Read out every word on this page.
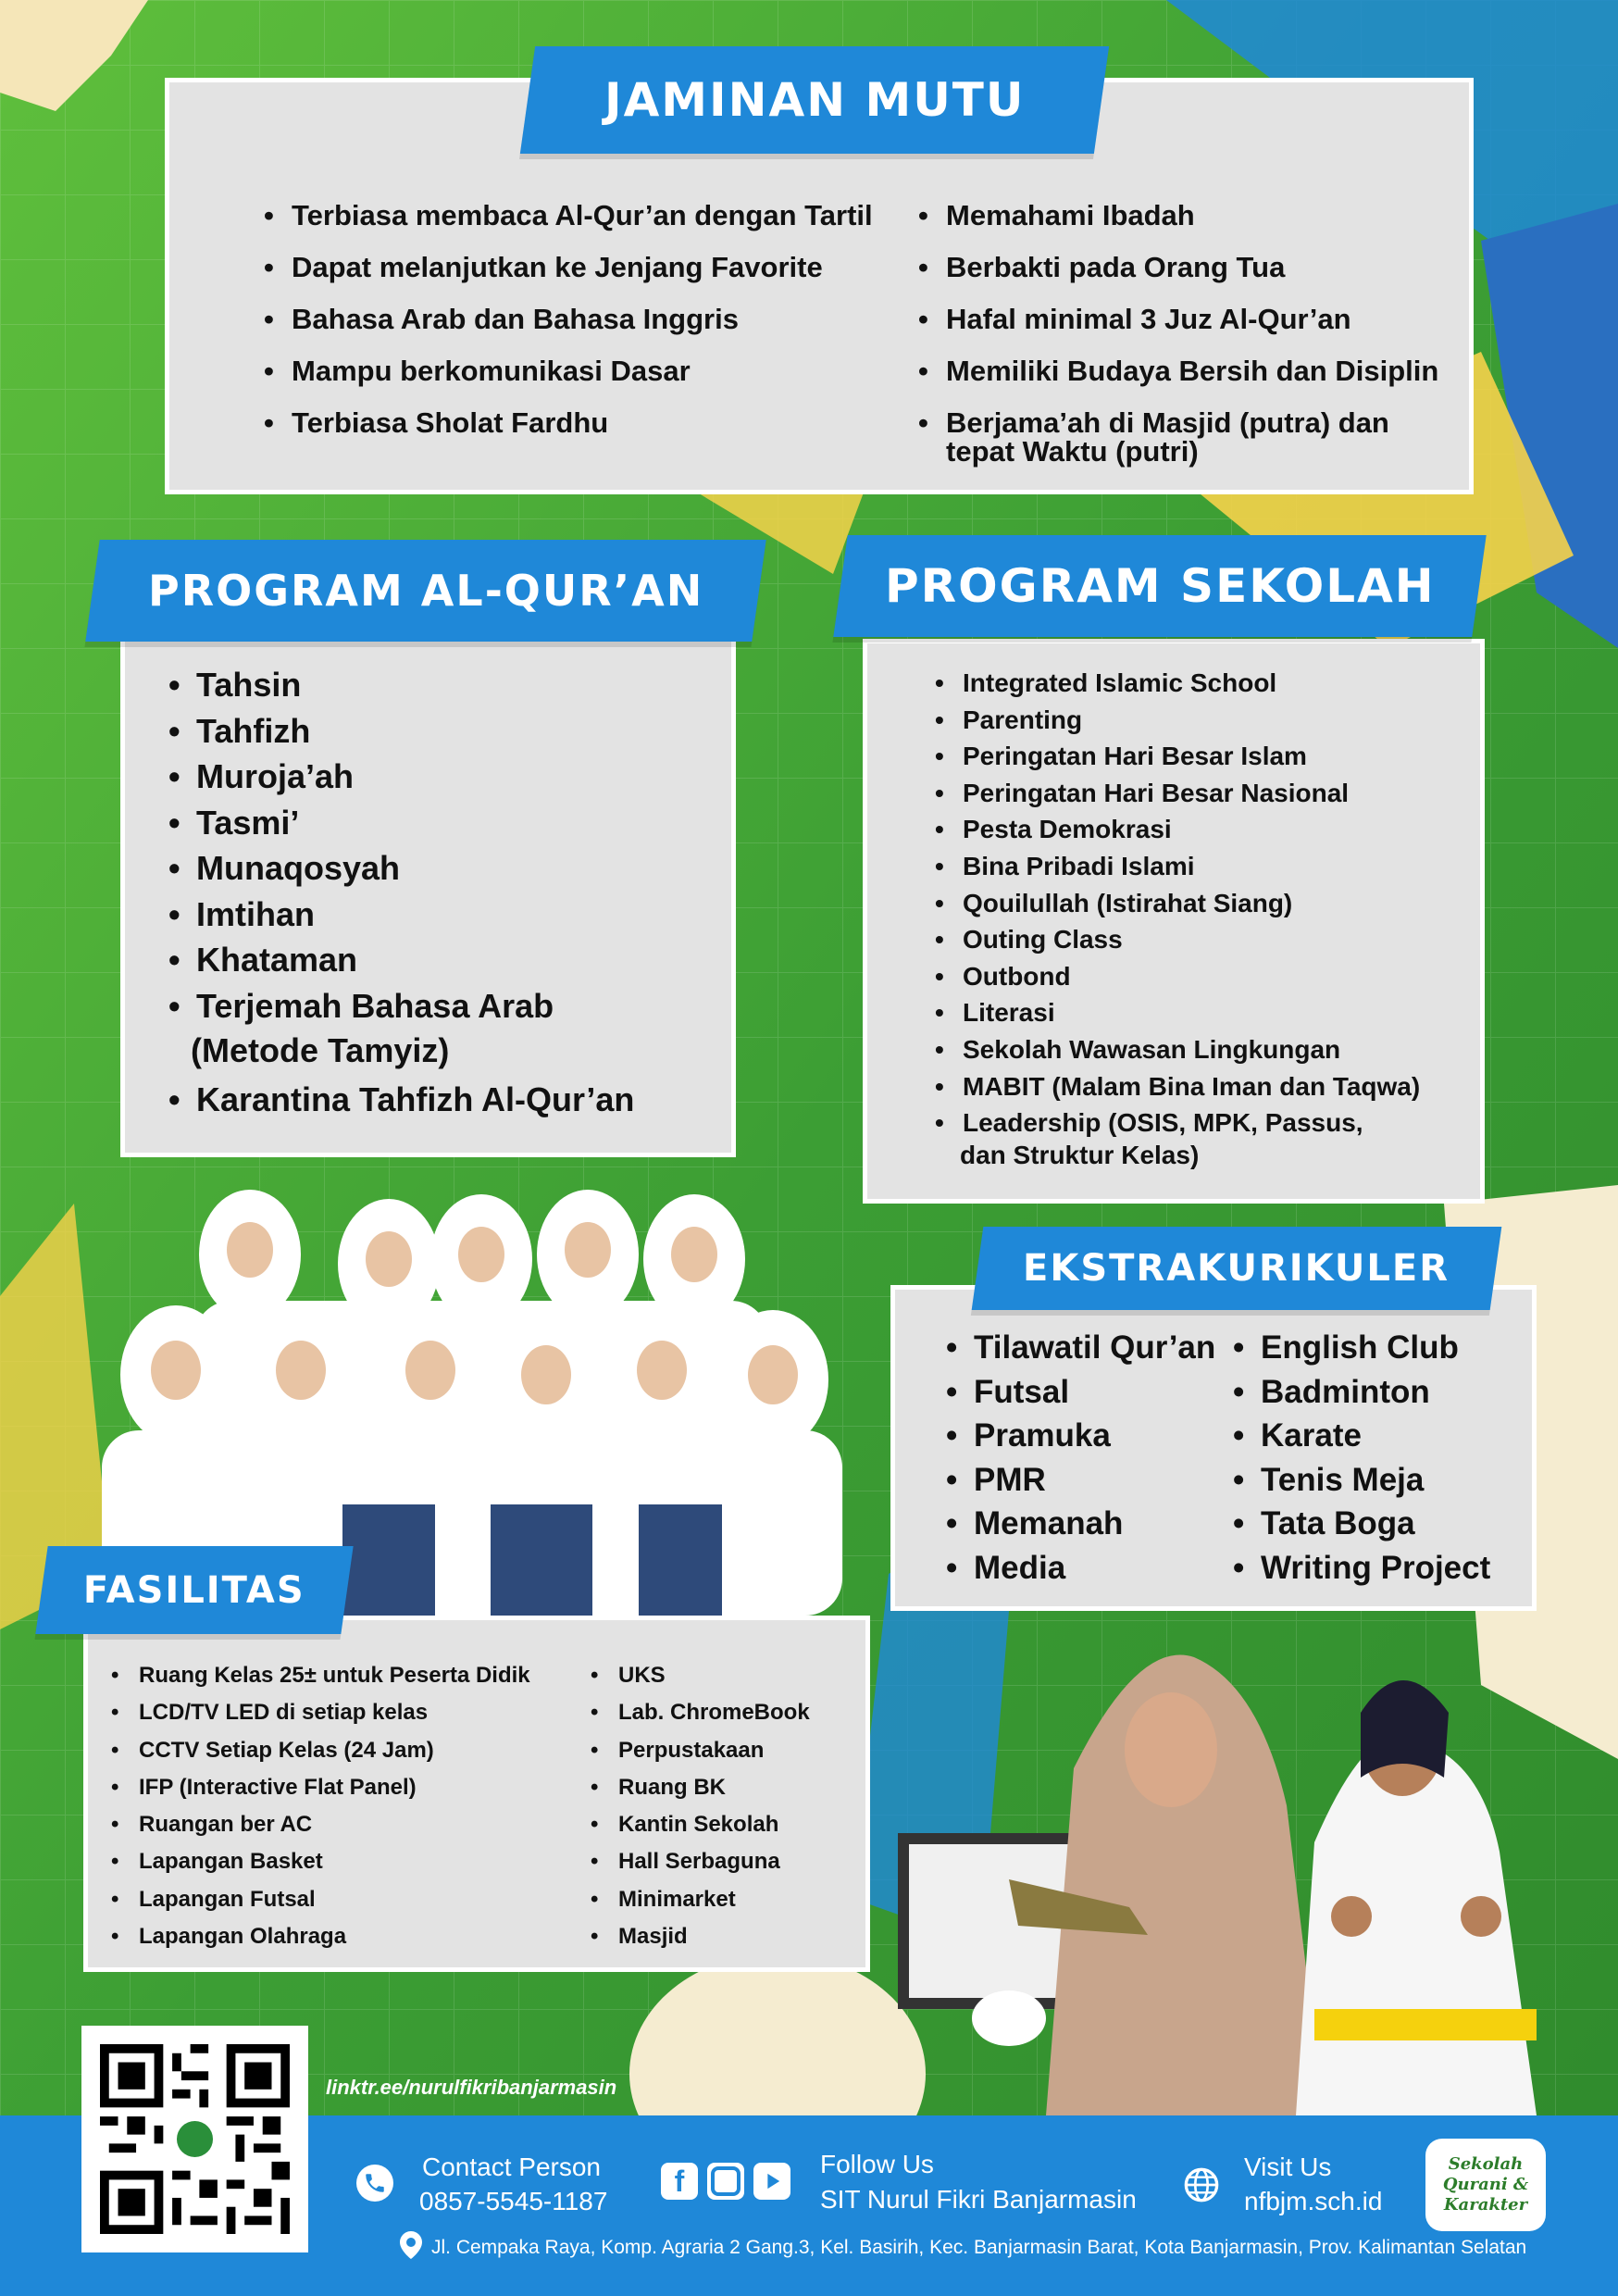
JAMINAN MUTU
• Terbiasa membaca Al-Qur’an dengan Tartil
• Dapat melanjutkan ke Jenjang Favorite
• Bahasa Arab dan Bahasa Inggris
• Mampu berkomunikasi Dasar
• Terbiasa Sholat Fardhu
• Memahami Ibadah
• Berbakti pada Orang Tua
• Hafal minimal 3 Juz Al-Qur’an
• Memiliki Budaya Bersih dan Disiplin
• Berjama’ah di Masjid (putra) dan
tepat Waktu (putri)
PROGRAM AL-QUR’AN
• Tahsin
• Tahfizh
• Muroja’ah
• Tasmi’
• Munaqosyah
• Imtihan
• Khataman
• Terjemah Bahasa Arab
(Metode Tamyiz)
• Karantina Tahfizh Al-Qur’an
PROGRAM SEKOLAH
• Integrated Islamic School
• Parenting
• Peringatan Hari Besar Islam
• Peringatan Hari Besar Nasional
• Pesta Demokrasi
• Bina Pribadi Islami
• Qouilullah (Istirahat Siang)
• Outing Class
• Outbond
• Literasi
• Sekolah Wawasan Lingkungan
• MABIT (Malam Bina Iman dan Taqwa)
• Leadership (OSIS, MPK, Passus,
dan Struktur Kelas)
EKSTRAKURIKULER
• Tilawatil Qur’an
• Futsal
• Pramuka
• PMR
• Memanah
• Media
• English Club
• Badminton
• Karate
• Tenis Meja
• Tata Boga
• Writing Project
FASILITAS
• Ruang Kelas 25± untuk Peserta Didik
• LCD/TV LED di setiap kelas
• CCTV Setiap Kelas (24 Jam)
• IFP (Interactive Flat Panel)
• Ruangan ber AC
• Lapangan Basket
• Lapangan Futsal
• Lapangan Olahraga
• UKS
• Lab. ChromeBook
• Perpustakaan
• Ruang BK
• Kantin Sekolah
• Hall Serbaguna
• Minimarket
• Masjid
linktr.ee/nurulfikribanjarmasin
Contact Person
0857-5545-1187
f
Follow Us
SIT Nurul Fikri Banjarmasin
Visit Us
nfbjm.sch.id
Sekolah Qurani & Karakter
Jl. Cempaka Raya, Komp. Agraria 2 Gang.3, Kel. Basirih, Kec. Banjarmasin Barat, Kota Banjarmasin, Prov. Kalimantan Selatan
